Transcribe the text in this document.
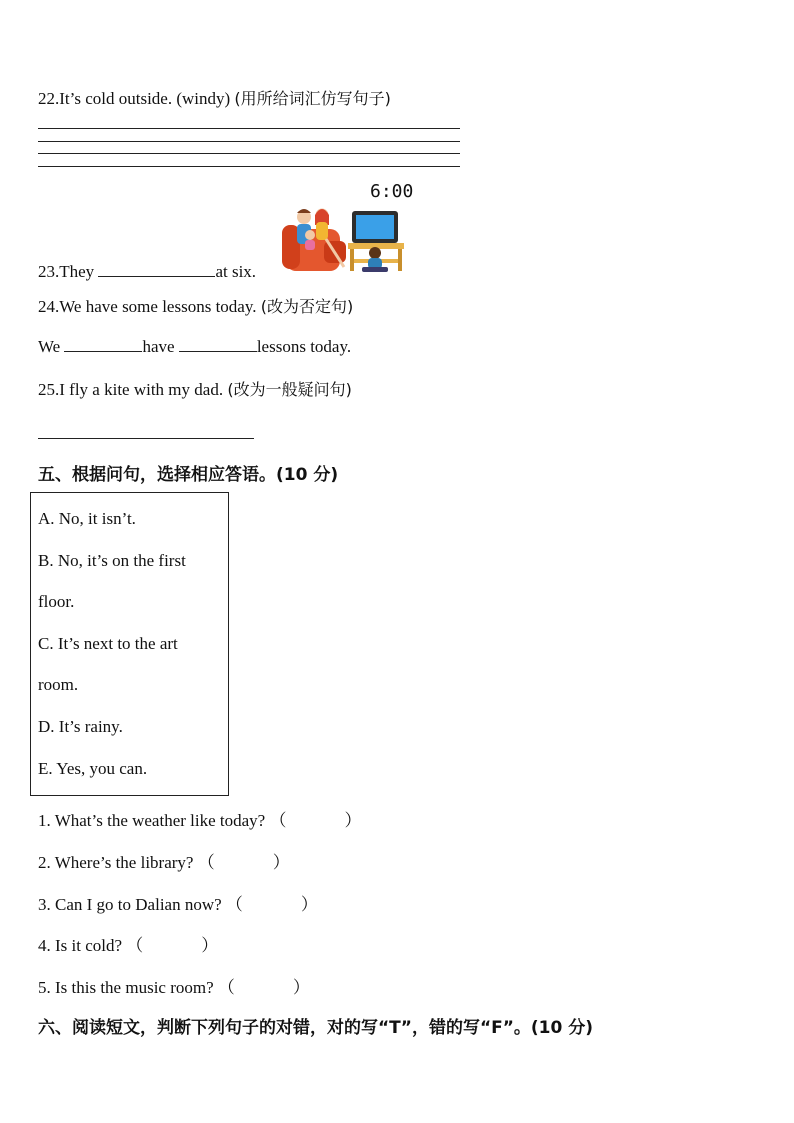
22.It’s cold outside. (windy) (用所给词汇仿写句子)
6:00
23.They	at six.
24.We have some lessons today. (改为否定句)
We	have	lessons today.
25.I fly a kite with my dad. (改为一般疑问句)
五、根据问句，选择相应答语。(10 分)
A. No, it isn’t.
B. No, it’s on the first
floor.
C. It’s next to the art
room.
D. It’s rainy.
E. Yes, you can.
1. What’s the weather like today? （	）
2. Where’s the library? （	）
3. Can I go to Dalian now? （	）
4. Is it cold? （	）
5. Is this the music room? （	）
六、阅读短文，判断下列句子的对错，对的写“T”，错的写“F”。(10 分)
